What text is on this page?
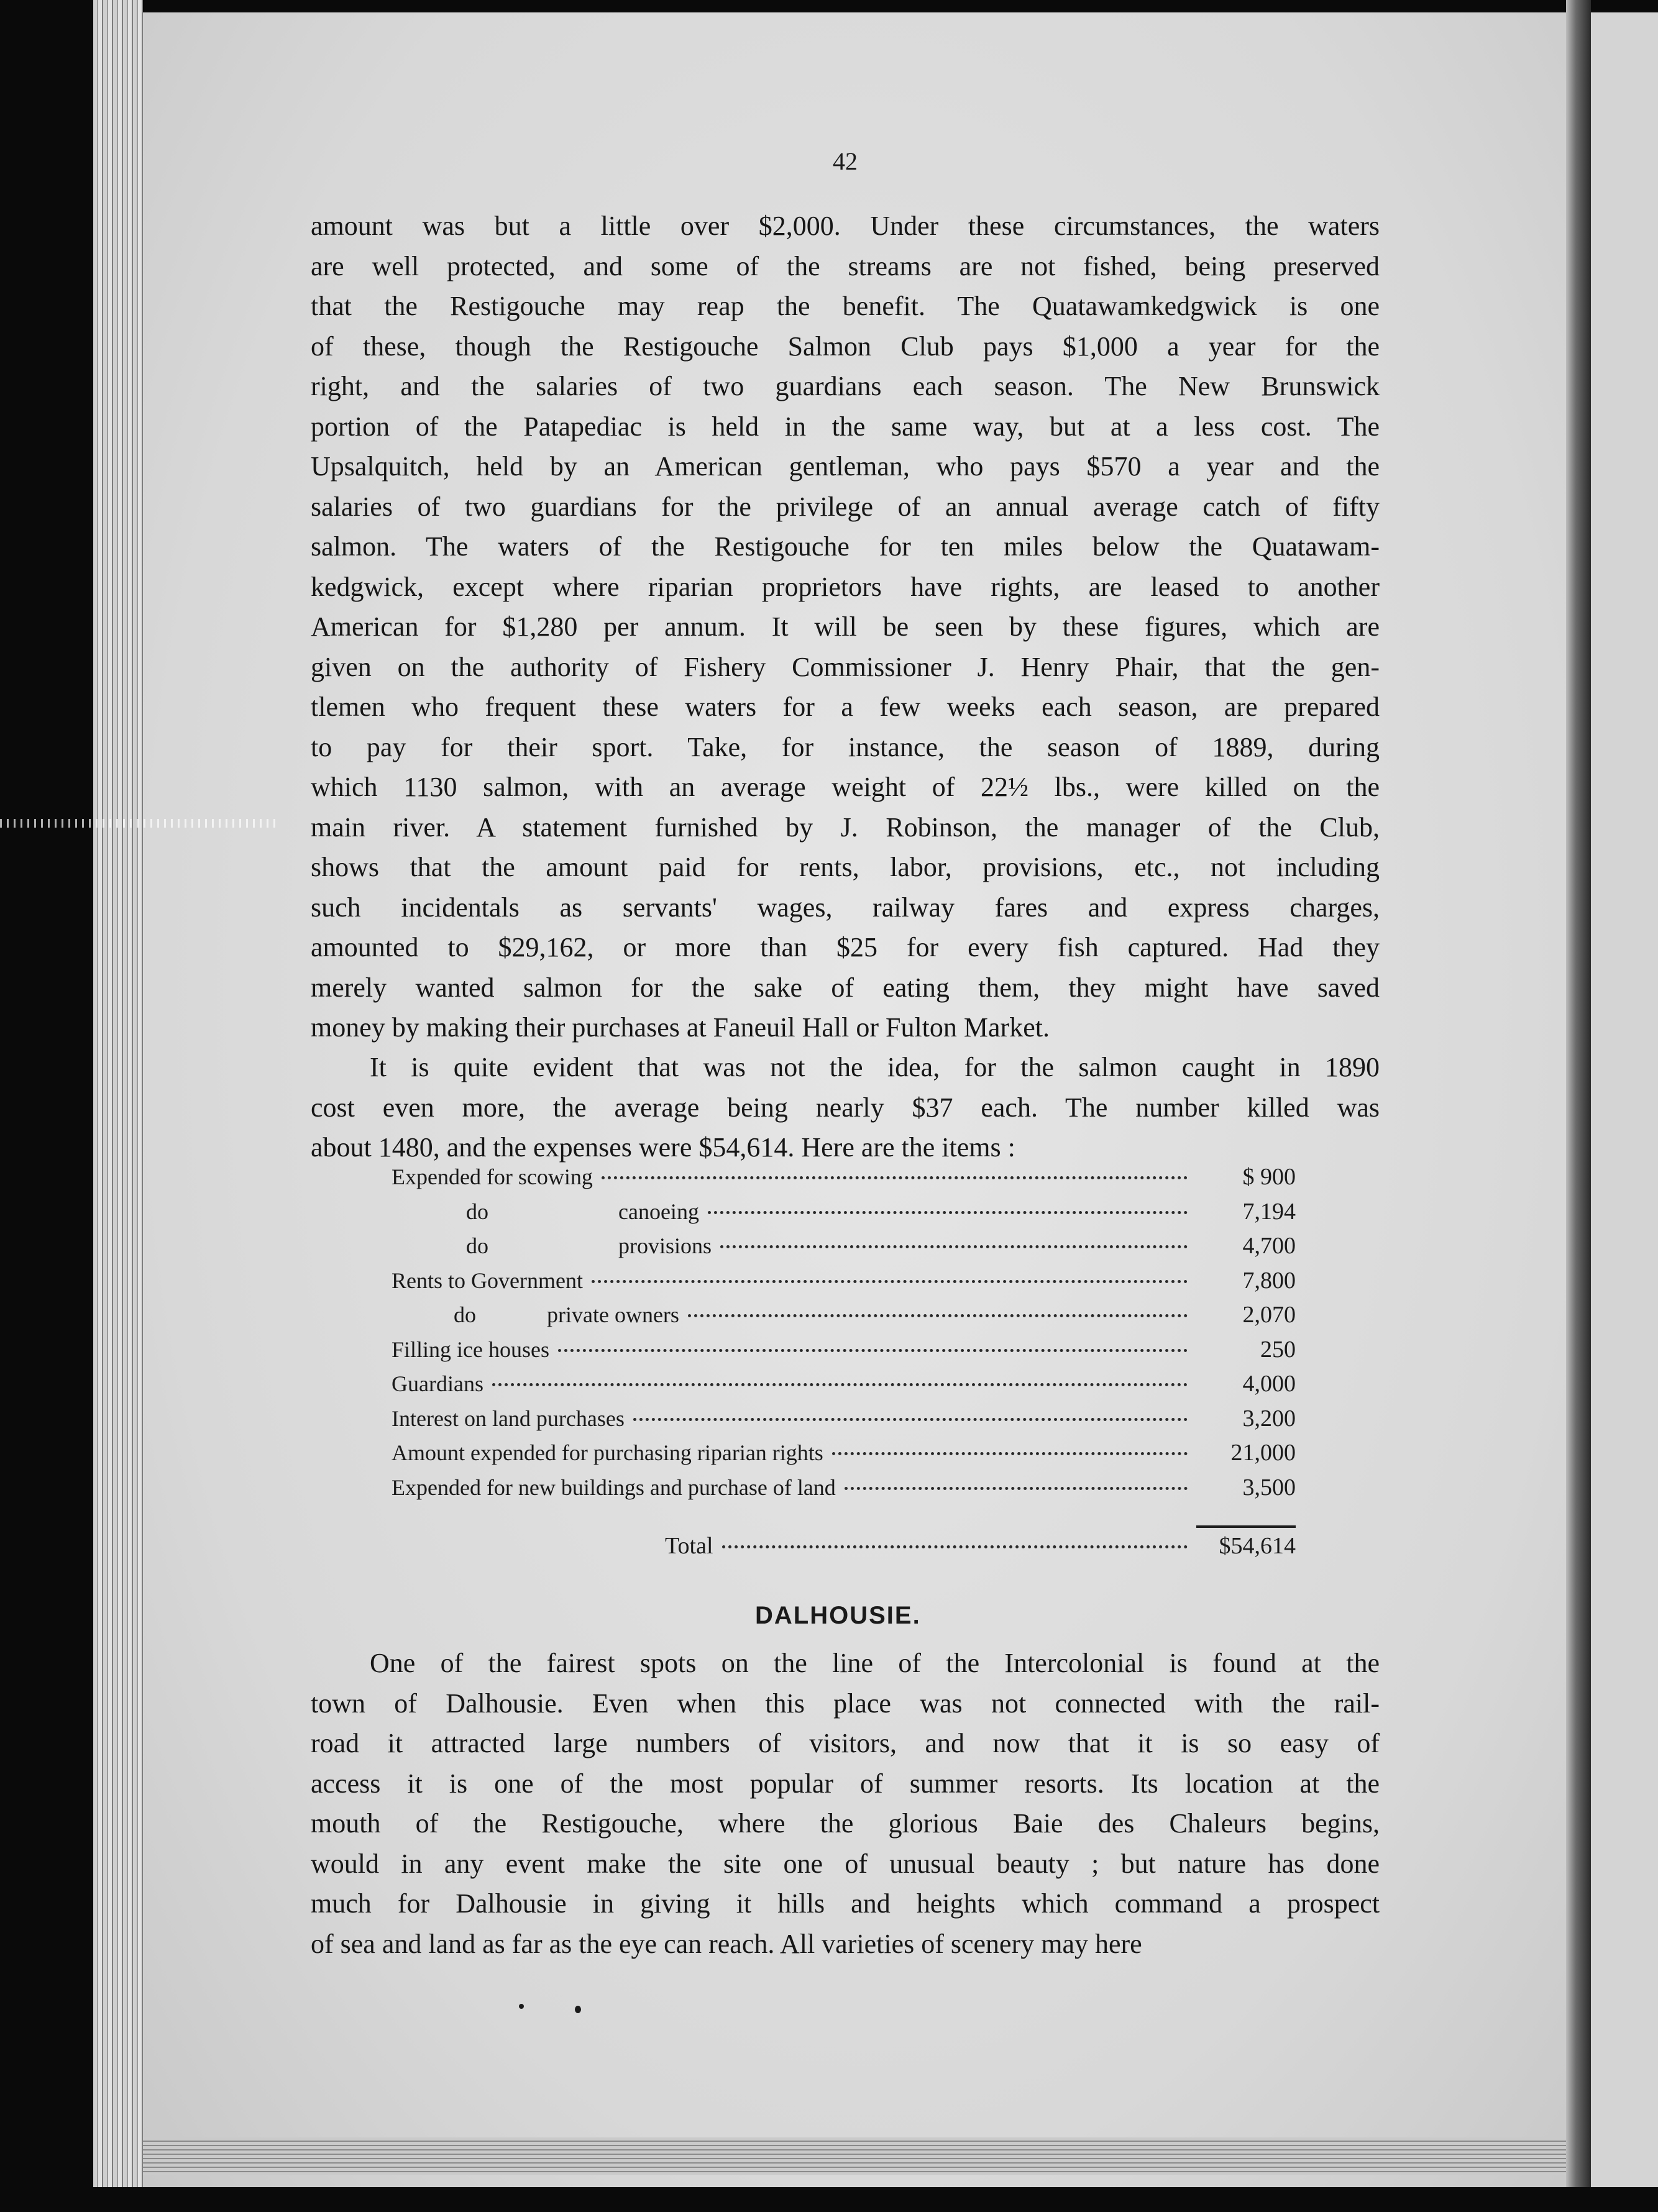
42

amount was but a little over $2,000. Under these circumstances, the waters
are well protected, and some of the streams are not fished, being preserved
that the Restigouche may reap the benefit. The Quatawamkedgwick is one
of these, though the Restigouche Salmon Club pays $1,000 a year for the
right, and the salaries of two guardians each season. The New Brunswick
portion of the Patapediac is held in the same way, but at a less cost. The
Upsalquitch, held by an American gentleman, who pays $570 a year and the
salaries of two guardians for the privilege of an annual average catch of fifty
salmon. The waters of the Restigouche for ten miles below the Quatawam-
kedgwick, except where riparian proprietors have rights, are leased to another
American for $1,280 per annum. It will be seen by these figures, which are
given on the authority of Fishery Commissioner J. Henry Phair, that the gen-
tlemen who frequent these waters for a few weeks each season, are prepared
to pay for their sport. Take, for instance, the season of 1889, during
which 1130 salmon, with an average weight of 22½ lbs., were killed on the
main river. A statement furnished by J. Robinson, the manager of the Club,
shows that the amount paid for rents, labor, provisions, etc., not including
such incidentals as servants' wages, railway fares and express charges,
amounted to $29,162, or more than $25 for every fish captured. Had they
merely wanted salmon for the sake of eating them, they might have saved
money by making their purchases at Faneuil Hall or Fulton Market.

It is quite evident that was not the idea, for the salmon caught in 1890
cost even more, the average being nearly $37 each. The number killed was
about 1480, and the expenses were $54,614. Here are the items :

Expended for scowing	$ 900
do	canoeing	7,194
do	provisions	4,700
Rents to Government	7,800
do	private owners	2,070
Filling ice houses	250
Guardians	4,000
Interest on land purchases	3,200
Amount expended for purchasing riparian rights	21,000
Expended for new buildings and purchase of land	3,500
Total	$54,614
DALHOUSIE.

One of the fairest spots on the line of the Intercolonial is found at the
town of Dalhousie. Even when this place was not connected with the rail-
road it attracted large numbers of visitors, and now that it is so easy of
access it is one of the most popular of summer resorts. Its location at the
mouth of the Restigouche, where the glorious Baie des Chaleurs begins,
would in any event make the site one of unusual beauty ; but nature has done
much for Dalhousie in giving it hills and heights which command a prospect
of sea and land as far as the eye can reach. All varieties of scenery may here
